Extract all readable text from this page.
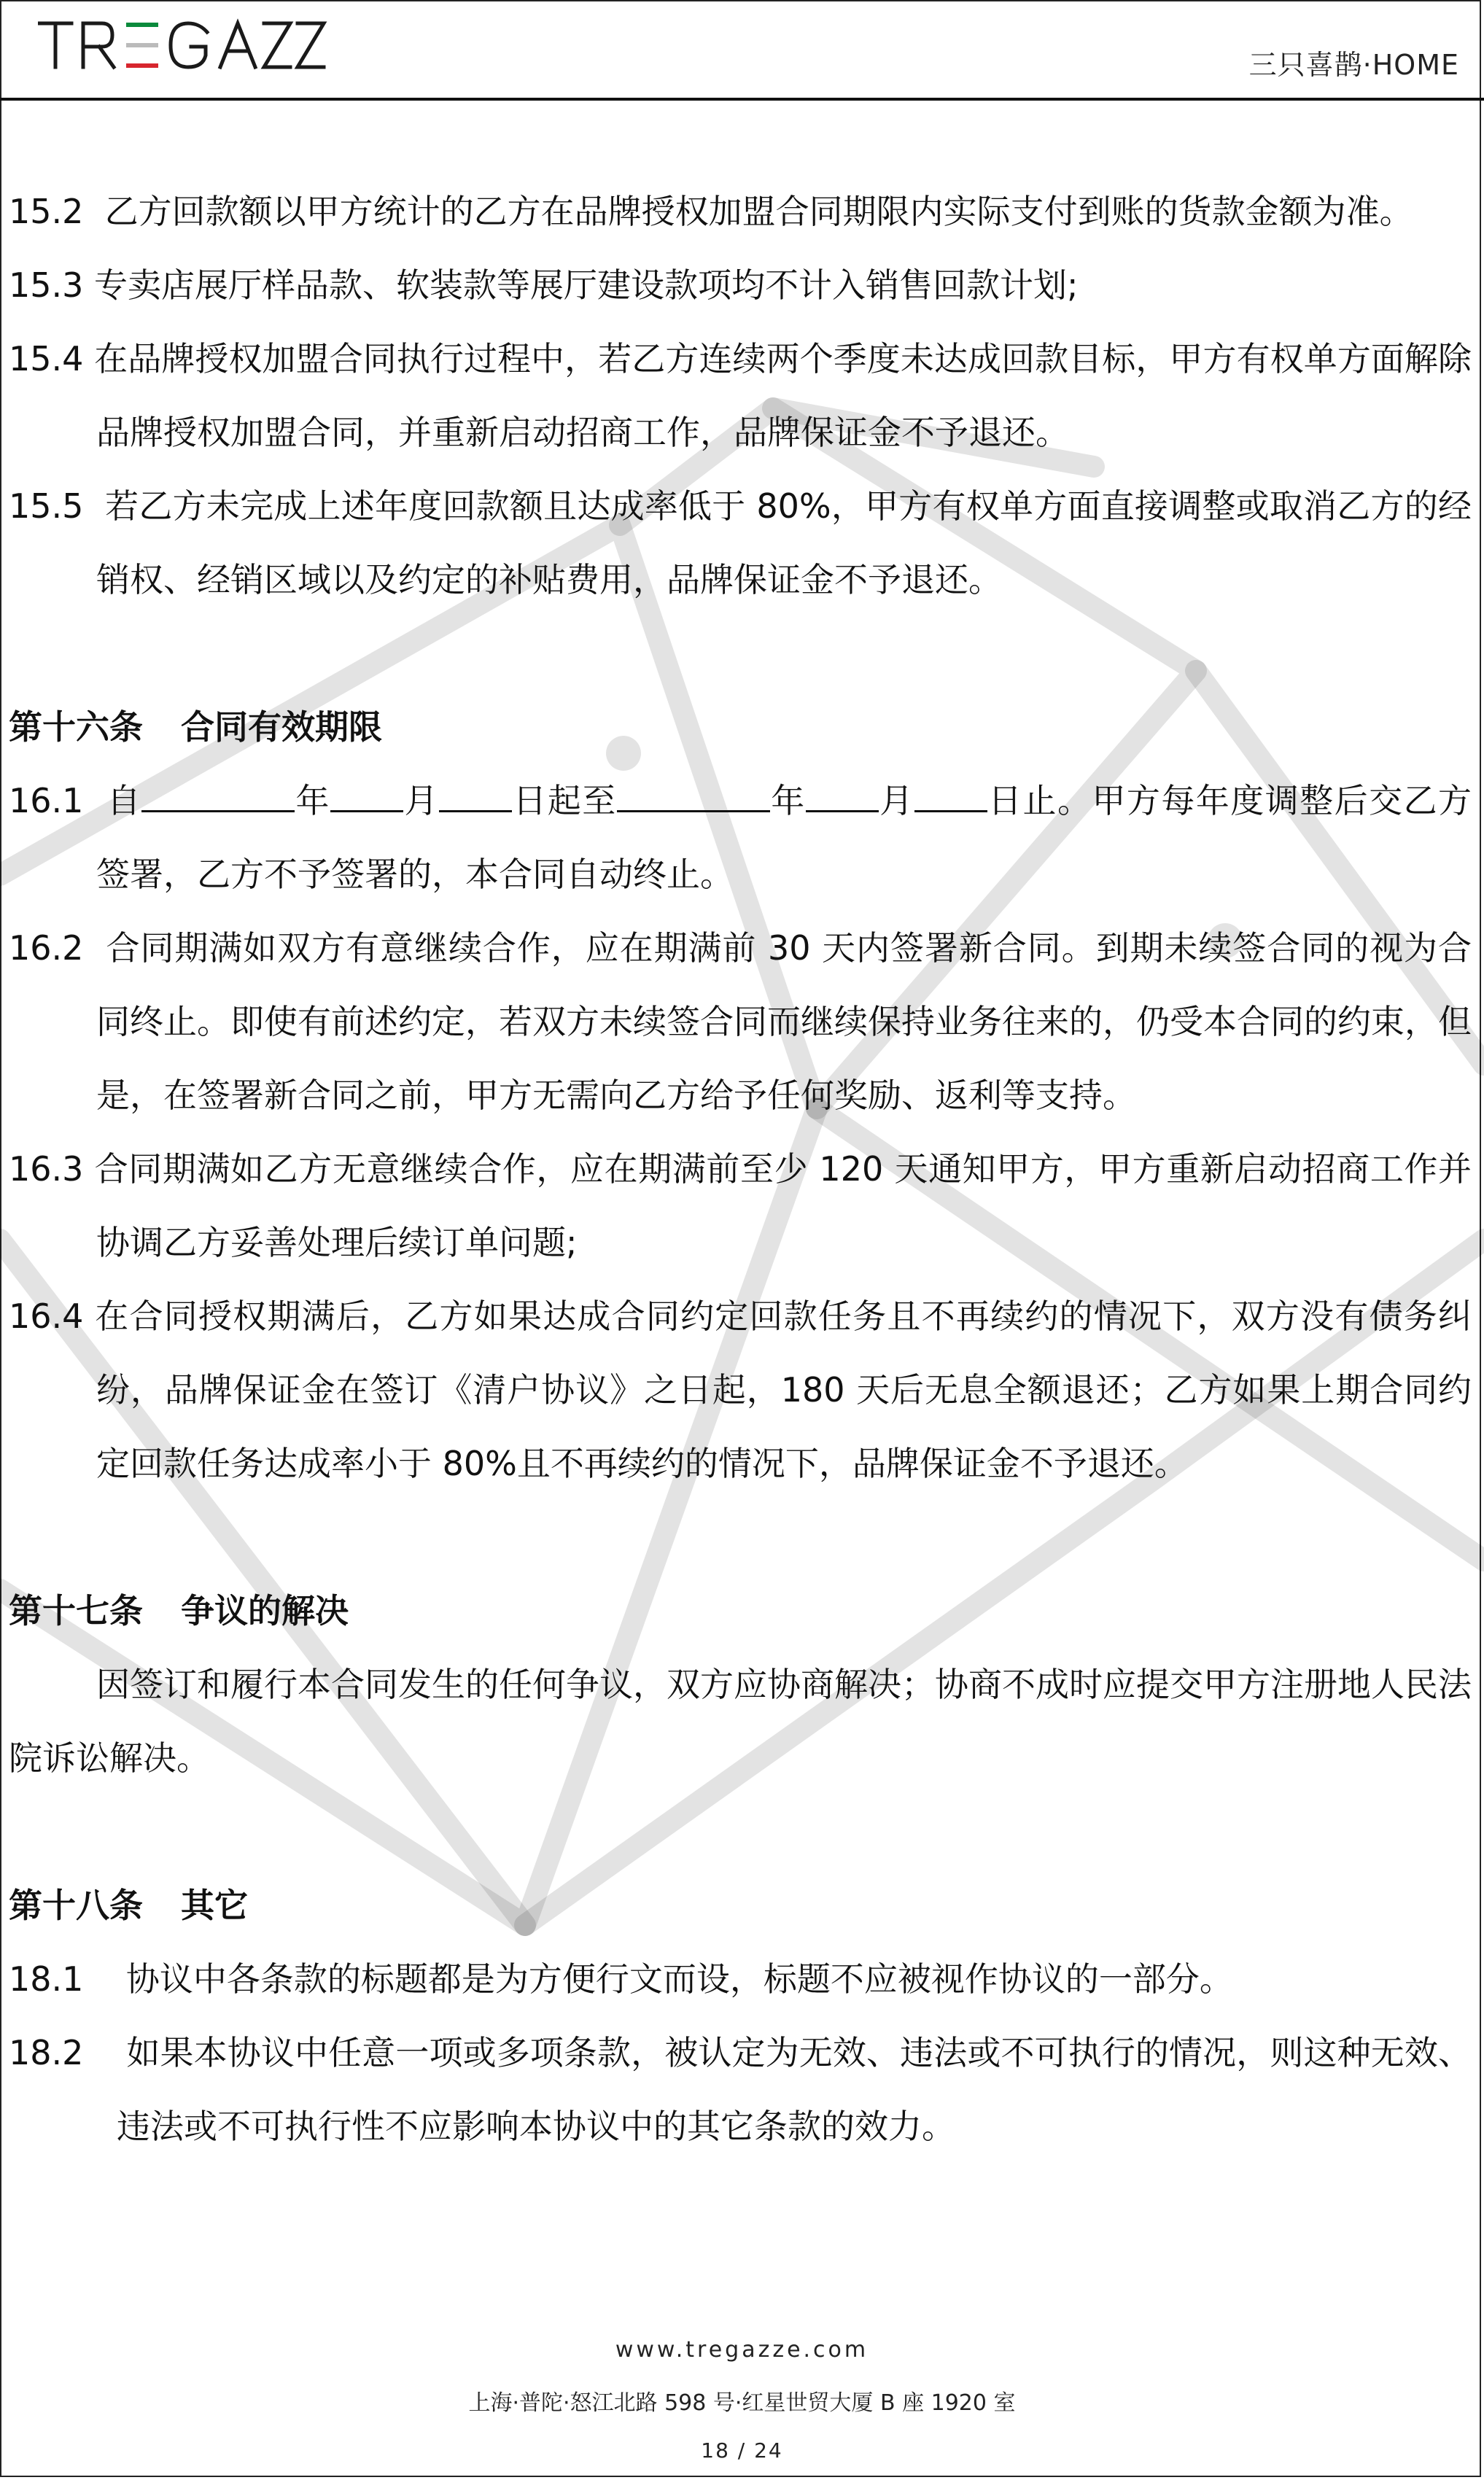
三只喜鹊·HOME
15.2 乙方回款额以甲方统计的乙方在品牌授权加盟合同期限内实际支付到账的货款金额为准。
15.3 专卖店展厅样品款、软装款等展厅建设款项均不计入销售回款计划;
15.4 在品牌授权加盟合同执行过程中，若乙方连续两个季度未达成回款目标，甲方有权单方面解除品牌授权加盟合同，并重新启动招商工作，品牌保证金不予退还。
15.5 若乙方未完成上述年度回款额且达成率低于 80%，甲方有权单方面直接调整或取消乙方的经销权、经销区域以及约定的补贴费用，品牌保证金不予退还。
第十六条 合同有效期限
16.1 自	年 月 日起至	年 月 日止。甲方每年度调整后交乙方签署，乙方不予签署的，本合同自动终止。
16.2 合同期满如双方有意继续合作，应在期满前 30 天内签署新合同。到期未续签合同的视为合同终止。即使有前述约定，若双方未续签合同而继续保持业务往来的，仍受本合同的约束，但是，在签署新合同之前，甲方无需向乙方给予任何奖励、返利等支持。
16.3 合同期满如乙方无意继续合作，应在期满前至少 120 天通知甲方，甲方重新启动招商工作并协调乙方妥善处理后续订单问题;
16.4 在合同授权期满后，乙方如果达成合同约定回款任务且不再续约的情况下，双方没有债务纠纷，品牌保证金在签订《清户协议》之日起，180 天后无息全额退还；乙方如果上期合同约定回款任务达成率小于 80%且不再续约的情况下，品牌保证金不予退还。
第十七条 争议的解决
因签订和履行本合同发生的任何争议，双方应协商解决；协商不成时应提交甲方注册地人民法院诉讼解决。
第十八条 其它
18.1 协议中各条款的标题都是为方便行文而设，标题不应被视作协议的一部分。
18.2 如果本协议中任意一项或多项条款，被认定为无效、违法或不可执行的情况，则这种无效、违法或不可执行性不应影响本协议中的其它条款的效力。
www.tregazze.com
上海·普陀·怒江北路 598 号·红星世贸大厦 B 座 1920 室
18 / 24
